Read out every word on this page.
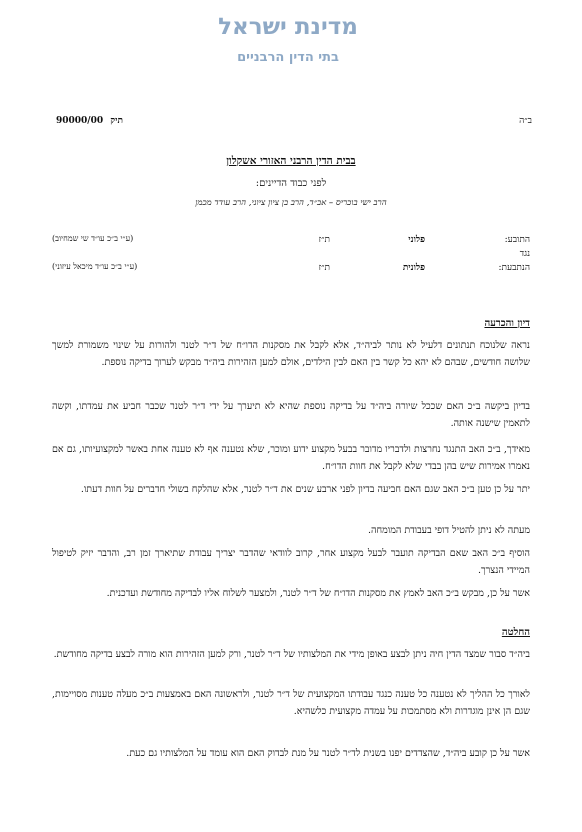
מדינת ישראל
בתי הדין הרבניים
ב״ה
תיק 90000/00
בבית הדין הרבני האזורי אשקלון
לפני כבוד הדיינים:
הרב ישי בוכריס – אב״ד, הרב בן ציון ציוני, הרב עודד מכמן
התובע:
פלוני
ת״ז
(ע״י ב״כ עו״ד שי שמחיוב)
נגד
הנתבעת:
פלונית
ת״ז
(ע״י ב״כ עו״ד מיכאל עיזוני)
דיון והכרעה
נראה שלנוכח תנתונים דלעיל לא נותר לביה״ד, אלא לקבל את מסקנות הדו״ח של ד״ר לטנר ולהורות על שינוי משמורת למשך שלושה חודשים, שבהם לא יהא כל קשר בין האם לבין הילדים, אולם למען הזהירות ביה״ד מבקש לערוך בדיקה נוספת.
בדיון ביקשה ב״כ האם שככל שיורה ביה״ד על בדיקה נוספת שהיא לא תיערך על ידי ד״ר לטנר שכבר חביע את עמדתו, וקשה לתאמין שישנה אותה.
מאידך, ב״כ האב התנגד נחרצות ולדבריו מדובר בבעל מקצוע ידוע ומוכר, שלא נטענה אף לא טענה אחת באשר למקצועיותו, גם אם נאמרו אמירות שיש בהן בבדי שלא לקבל את חוות הדו״ח.
יתר על כן טען ב״כ האב שגם האם חביעה בדיון לפני ארבע שנים את ד״ר לטנר, אלא שהלקח בשולי חדברים על חוות דעתו.
מעתה לא ניתן להטיל דופי בעבודת המומחה.
הוסיף ב״כ האב שאם הבדיקה תועבר לבעל מקצוע אחר, קרוב לוודאי שהדבר יצריך עבודת שתיארך זמן רב, והדבר יזיק לטיפול המיידי הנצרך.
אשר על כן, מבקש ב״כ האב לאמץ את מסקנות הדו״ח של ד״ר לטנר, ולמצער לשלוח אליו לבדיקה מחודשת ועדכנית.
החלטה
ביה״ד סבור שמצד הדין חיה ניתן לבצע באופן מידי את המלצותיו של ד״ר לטנר, ורק למען הזהירות הוא מורה לבצע בדיקה מחודשת.
לאורך כל ההליך לא נטענה כל טענה כנגד עבודתו המקצועית של ד״ר לטנר, ולראשונה האם באמצעות ב״כ מעלה טענות מסויימות, שגם הן אינן מוגדרות ולא מסתמכות על עמדה מקצועית כלשהיא.
אשר על כן קובע ביה״ד, שהצדדים יפנו בשנית לד״ר לטנר על מנת לבדוק האם הוא עומד על המלצותיו גם כעת.
